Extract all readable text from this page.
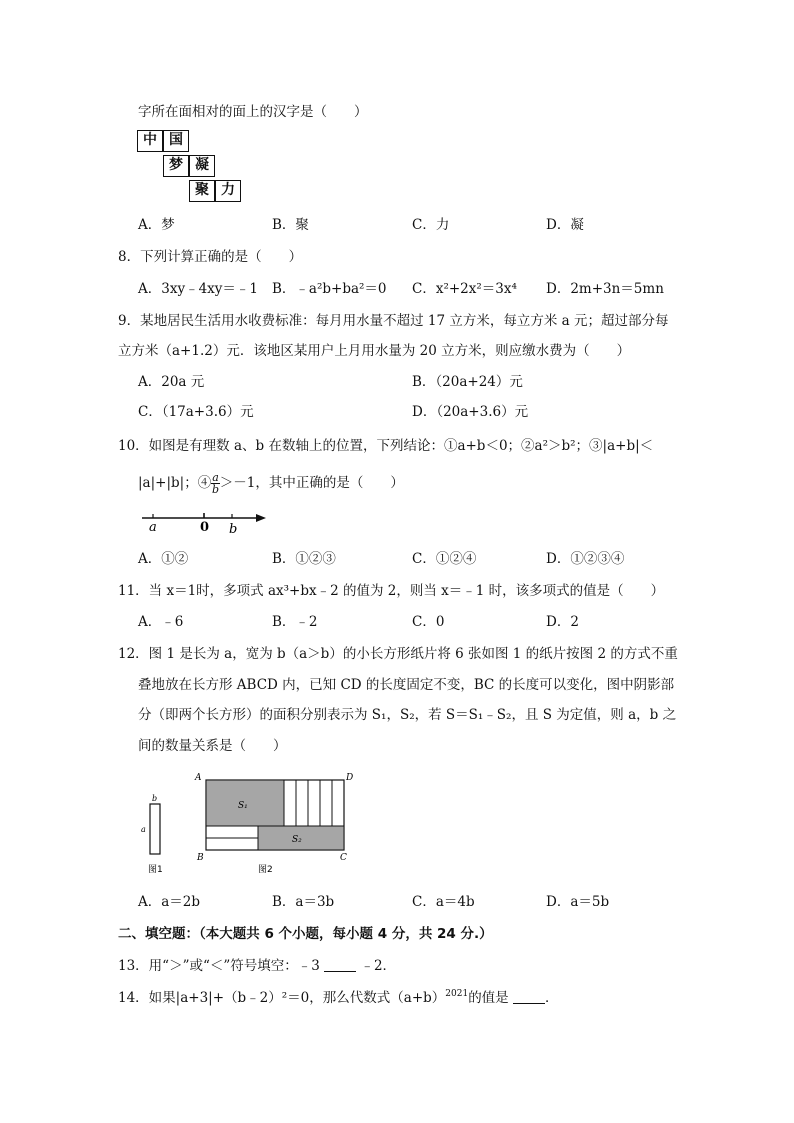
字所在面相对的面上的汉字是（　　）
中 国
梦 凝
聚 力
A．梦	B．聚	C．力	D．凝
8．下列计算正确的是（　　）
A．3xy﹣4xy＝﹣1 B．﹣a²b+ba²＝0 C．x²+2x²＝3x⁴ D．2m+3n＝5mn
9．某地居民生活用水收费标准：每月用水量不超过 17 立方米，每立方米 a 元；超过部分每
立方米（a+1.2）元．该地区某用户上月用水量为 20 立方米，则应缴水费为（　　）
A．20a 元	B．（20a+24）元
C．（17a+3.6）元	D．（20a+3.6）元
10．如图是有理数 a、b 在数轴上的位置，下列结论：①a+b＜0；②a²＞b²；③|a+b|＜
|a|+|b|；④ $\frac{a}{b} >-1$，其中正确的是（　　）
a	0 b
A．①②	B．①②③	C．①②④	D．①②③④
11．当 x＝1时，多项式 ax³+bx﹣2 的值为 2，则当 x＝﹣1 时，该多项式的值是（　　）
A．﹣6	B．﹣2	C．0	D．2
12．图 1 是长为 a，宽为 b（a＞b）的小长方形纸片将 6 张如图 1 的纸片按图 2 的方式不重
叠地放在长方形 ABCD 内，已知 CD 的长度固定不变，BC 的长度可以变化，图中阴影部
分（即两个长方形）的面积分别表示为 S₁，S₂，若 S＝S₁﹣S₂，且 S 为定值，则 a，b 之
间的数量关系是（　　）
b
a
图1
A	D
B	C
S₁
S₂
图2
A．a＝2b	B．a＝3b	C．a＝4b	D．a＝5b
二、填空题：（本大题共 6 个小题，每小题 4 分，共 24 分.）
13．用“＞”或“＜”符号填空：﹣3	﹣2．
14．如果|a+3|+（b﹣2）²＝0，那么代数式$(a+b)^{2021}$的值是	．
